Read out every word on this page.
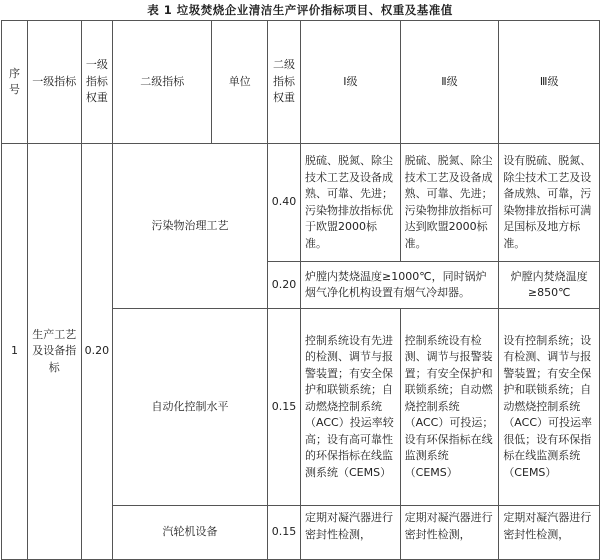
表 1 垃圾焚烧企业清洁生产评价指标项目、权重及基准值
序号	一级指标	一级指标权重	二级指标	单位	二级指标权重	Ⅰ级	Ⅱ级	Ⅲ级
1	生产工艺及设备指标	0.20	污染物治理工艺		0.40	脱硫、脱氮、除尘技术工艺及设备成熟、可靠、先进；污染物排放指标优于欧盟2000标准。	脱硫、脱氮、除尘技术工艺及设备成熟、可靠、先进；污染物排放指标可达到欧盟2000标准。	设有脱硫、脱氮、除尘技术工艺及设备成熟、可靠，污染物排放指标可满足国标及地方标准。
					0.20	炉膛内焚烧温度≥1000℃，同时锅炉烟气净化机构设置有烟气冷却器。		炉膛内焚烧温度≥850℃
			自动化控制水平		0.15	控制系统设有先进的检测、调节与报警装置；有安全保护和联锁系统；自动燃烧控制系统（ACC）投运率较高；设有高可靠性的环保指标在线监测系统（CEMS）	控制系统设有检测、调节与报警装置；有安全保护和联锁系统；自动燃烧控制系统（ACC）可投运；设有环保指标在线监测系统（CEMS）	设有控制系统；设有检测、调节与报警装置；有安全保护和联锁系统；自动燃烧控制系统（ACC）可投运率很低；设有环保指标在线监测系统（CEMS）
			汽轮机设备		0.15	定期对凝汽器进行密封性检测，	定期对凝汽器进行密封性检测，	定期对凝汽器进行密封性检测，
